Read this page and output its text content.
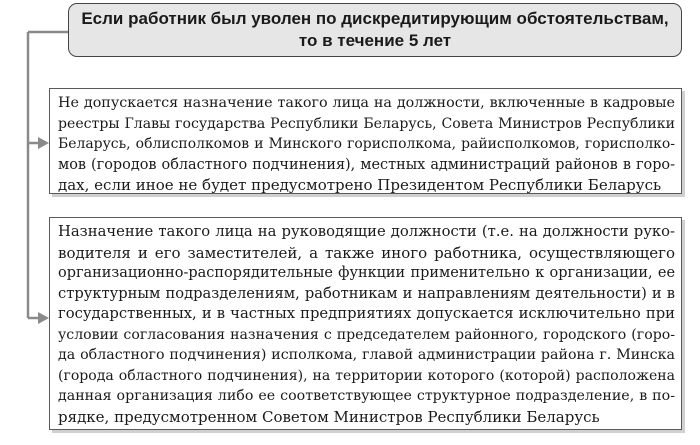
Если работник был уволен по дискредитирующим обстоятельствам,
то в течение 5 лет
Не допускается назначение такого лица на должности, включенные в кадровые
реестры Главы государства Республики Беларусь, Совета Министров Республики
Беларусь, облисполкомов и Минского горисполкома, райисполкомов, горисполко-
мов (городов областного подчинения), местных администраций районов в горо-
дах, если иное не будет предусмотрено Президентом Республики Беларусь
Назначение такого лица на руководящие должности (т.е. на должности руко-
водителя и его заместителей, а также иного работника, осуществляющего
организационно-распорядительные функции применительно к организации, ее
структурным подразделениям, работникам и направлениям деятельности) и в
государственных, и в частных предприятиях допускается исключительно при
условии согласования назначения с председателем районного, городского (горо-
да областного подчинения) исполкома, главой администрации района г. Минска
(города областного подчинения), на территории которого (которой) расположена
данная организация либо ее соответствующее структурное подразделение, в по-
рядке, предусмотренном Советом Министров Республики Беларусь
